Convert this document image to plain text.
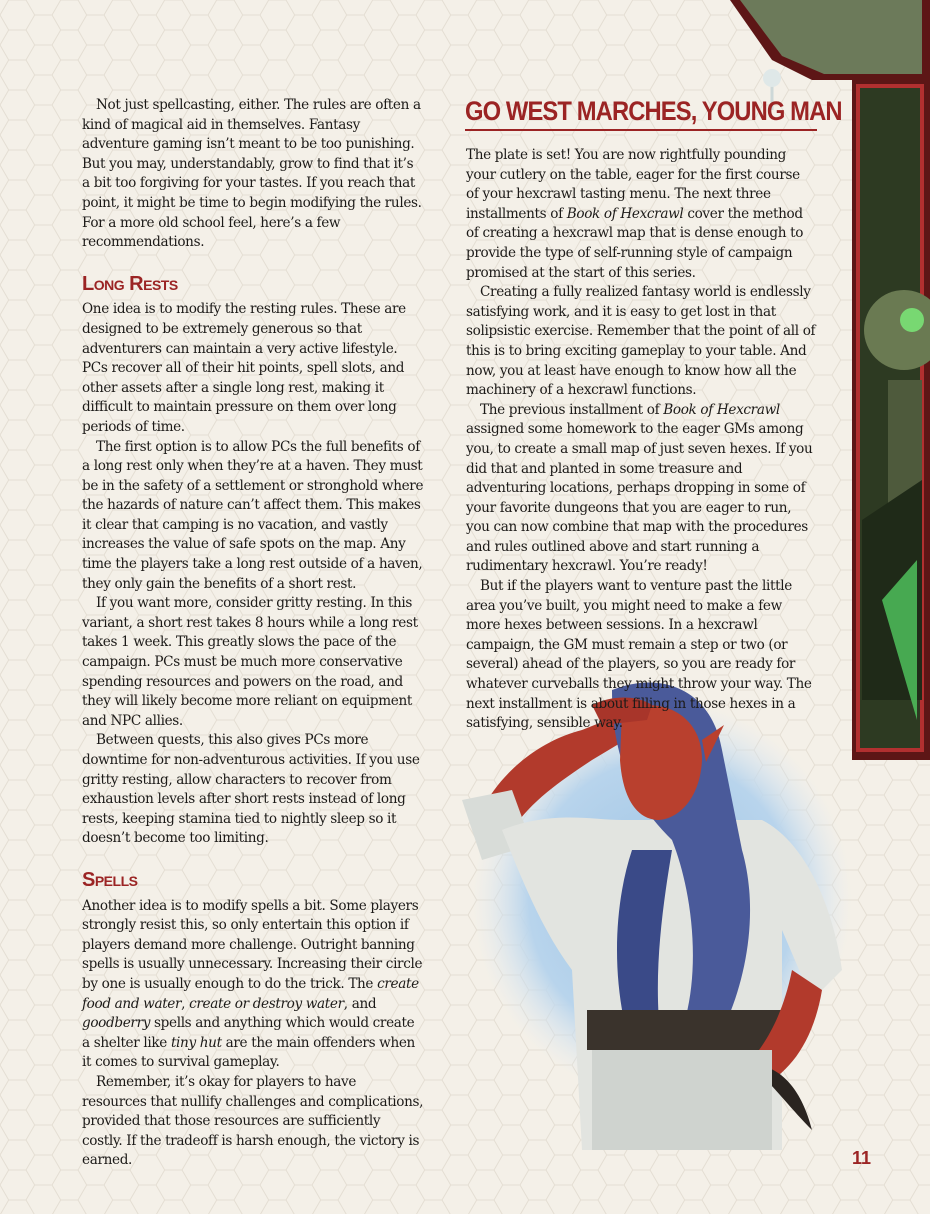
Not just spellcasting, either. The rules are often a kind of magical aid in themselves. Fantasy adventure gaming isn’t meant to be too punishing. But you may, understandably, grow to find that it’s a bit too forgiving for your tastes. If you reach that point, it might be time to begin modifying the rules. For a more old school feel, here’s a few recommendations.

Long Rests

One idea is to modify the resting rules. These are designed to be extremely generous so that adventurers can maintain a very active lifestyle. PCs recover all of their hit points, spell slots, and other assets after a single long rest, making it difficult to maintain pressure on them over long periods of time.

The first option is to allow PCs the full benefits of a long rest only when they’re at a haven. They must be in the safety of a settlement or stronghold where the hazards of nature can’t affect them. This makes it clear that camping is no vacation, and vastly increases the value of safe spots on the map. Any time the players take a long rest outside of a haven, they only gain the benefits of a short rest.

If you want more, consider gritty resting. In this variant, a short rest takes 8 hours while a long rest takes 1 week. This greatly slows the pace of the campaign. PCs must be much more conservative spending resources and powers on the road, and they will likely become more reliant on equipment and NPC allies.

Between quests, this also gives PCs more downtime for non-adventurous activities. If you use gritty resting, allow characters to recover from exhaustion levels after short rests instead of long rests, keeping stamina tied to nightly sleep so it doesn’t become too limiting.

Spells

Another idea is to modify spells a bit. Some players strongly resist this, so only entertain this option if players demand more challenge. Outright banning spells is usually unnecessary. Increasing their circle by one is usually enough to do the trick. The create food and water, create or destroy water, and goodberry spells and anything which would create a shelter like tiny hut are the main offenders when it comes to survival gameplay.

Remember, it’s okay for players to have resources that nullify challenges and complications, provided that those resources are sufficiently costly. If the tradeoff is harsh enough, the victory is earned.

GO WEST MARCHES, YOUNG MAN

The plate is set! You are now rightfully pounding your cutlery on the table, eager for the first course of your hexcrawl tasting menu. The next three installments of Book of Hexcrawl cover the method of creating a hexcrawl map that is dense enough to provide the type of self-running style of campaign promised at the start of this series.

Creating a fully realized fantasy world is endlessly satisfying work, and it is easy to get lost in that solipsistic exercise. Remember that the point of all of this is to bring exciting gameplay to your table. And now, you at least have enough to know how all the machinery of a hexcrawl functions.

The previous installment of Book of Hexcrawl assigned some homework to the eager GMs among you, to create a small map of just seven hexes. If you did that and planted in some treasure and adventuring locations, perhaps dropping in some of your favorite dungeons that you are eager to run, you can now combine that map with the procedures and rules outlined above and start running a rudimentary hexcrawl. You’re ready!

But if the players want to venture past the little area you’ve built, you might need to make a few more hexes between sessions. In a hexcrawl campaign, the GM must remain a step or two (or several) ahead of the players, so you are ready for whatever curveballs they might throw your way. The next installment is about filling in those hexes in a satisfying, sensible way.

11
